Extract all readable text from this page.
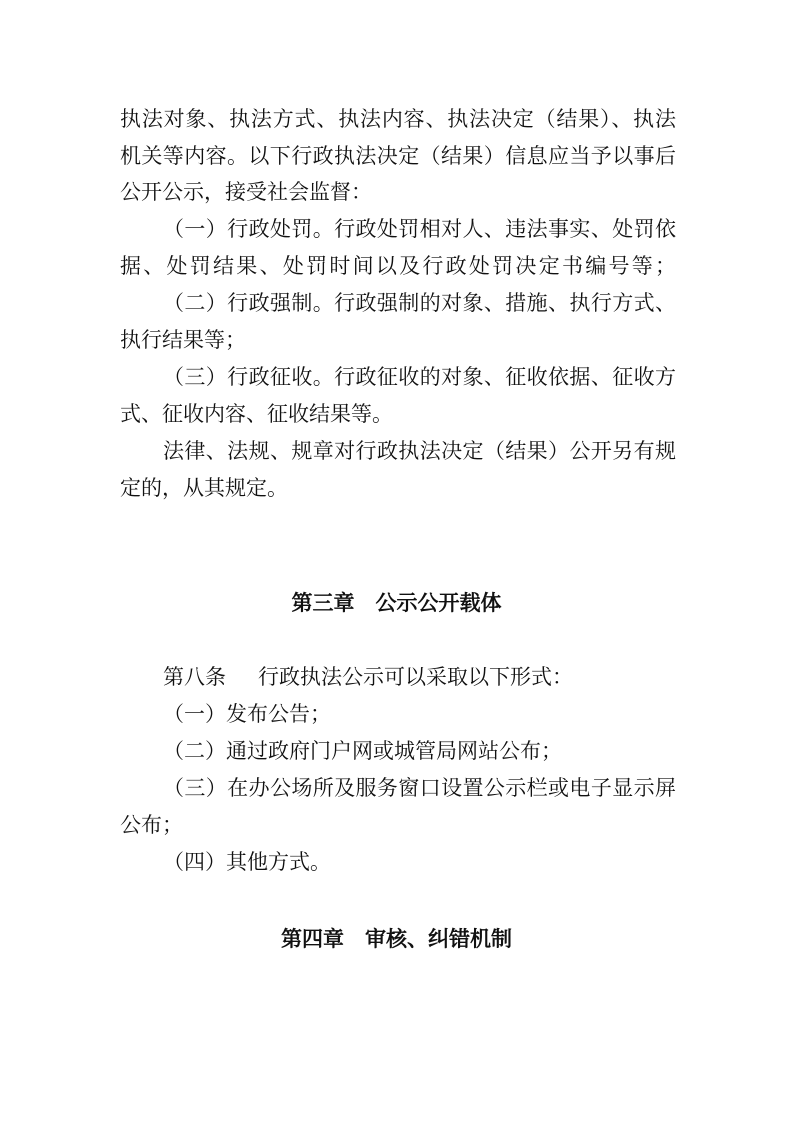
执法对象、执法方式、执法内容、执法决定（结果）、执法
机关等内容。以下行政执法决定（结果）信息应当予以事后
公开公示，接受社会监督：
（一）行政处罚。行政处罚相对人、违法事实、处罚依
据、处罚结果、处罚时间以及行政处罚决定书编号等；
（二）行政强制。行政强制的对象、措施、执行方式、
执行结果等；
（三）行政征收。行政征收的对象、征收依据、征收方
式、征收内容、征收结果等。
法律、法规、规章对行政执法决定（结果）公开另有规
定的，从其规定。
第三章　公示公开载体
第八条 行政执法公示可以采取以下形式：
（一）发布公告；
（二）通过政府门户网或城管局网站公布；
（三）在办公场所及服务窗口设置公示栏或电子显示屏
公布；
（四）其他方式。
第四章　审核、纠错机制
